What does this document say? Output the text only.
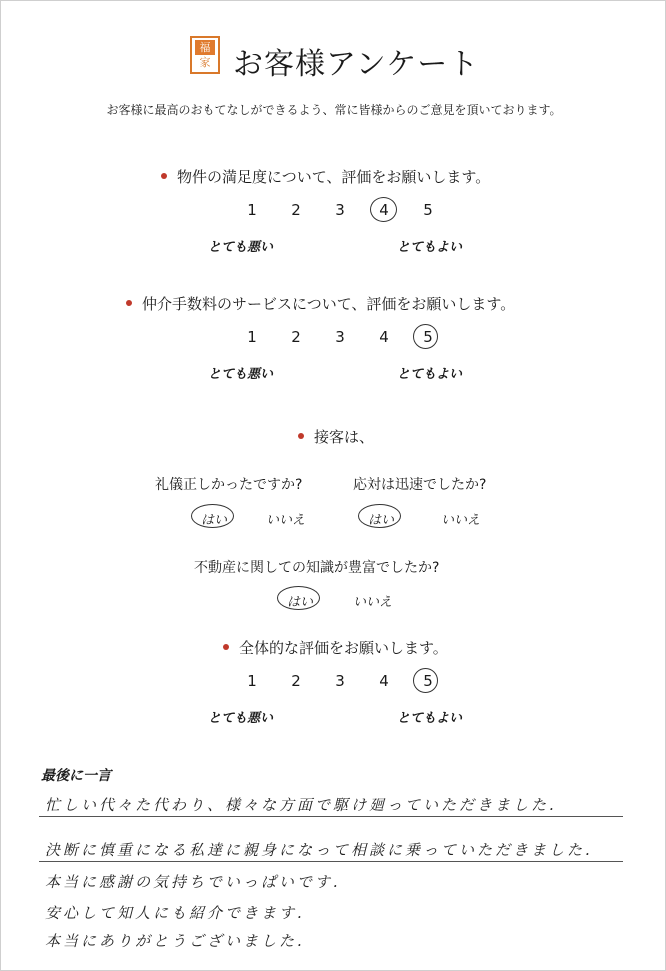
福
家 お客様アンケート
お客様に最高のおもてなしができるよう、常に皆様からのご意見を頂いております。
物件の満足度について、評価をお願いします。
1	2	3	4	5
とても悪い	とてもよい
仲介手数料のサービスについて、評価をお願いします。
1	2	3	4	5
とても悪い	とてもよい
接客は、
礼儀正しかったですか?	応対は迅速でしたか?
はい	いいえ	はい	いいえ
不動産に関しての知識が豊富でしたか?
はい	いいえ
全体的な評価をお願いします。
1	2	3	4	5
とても悪い	とてもよい
最後に一言
忙しい代々た代わり、様々な方面で駆け廻っていただきました.
決断に慎重になる私達に親身になって相談に乗っていただきました.
本当に感謝の気持ちでいっぱいです.
安心して知人にも紹介できます.
本当にありがとうございました.
